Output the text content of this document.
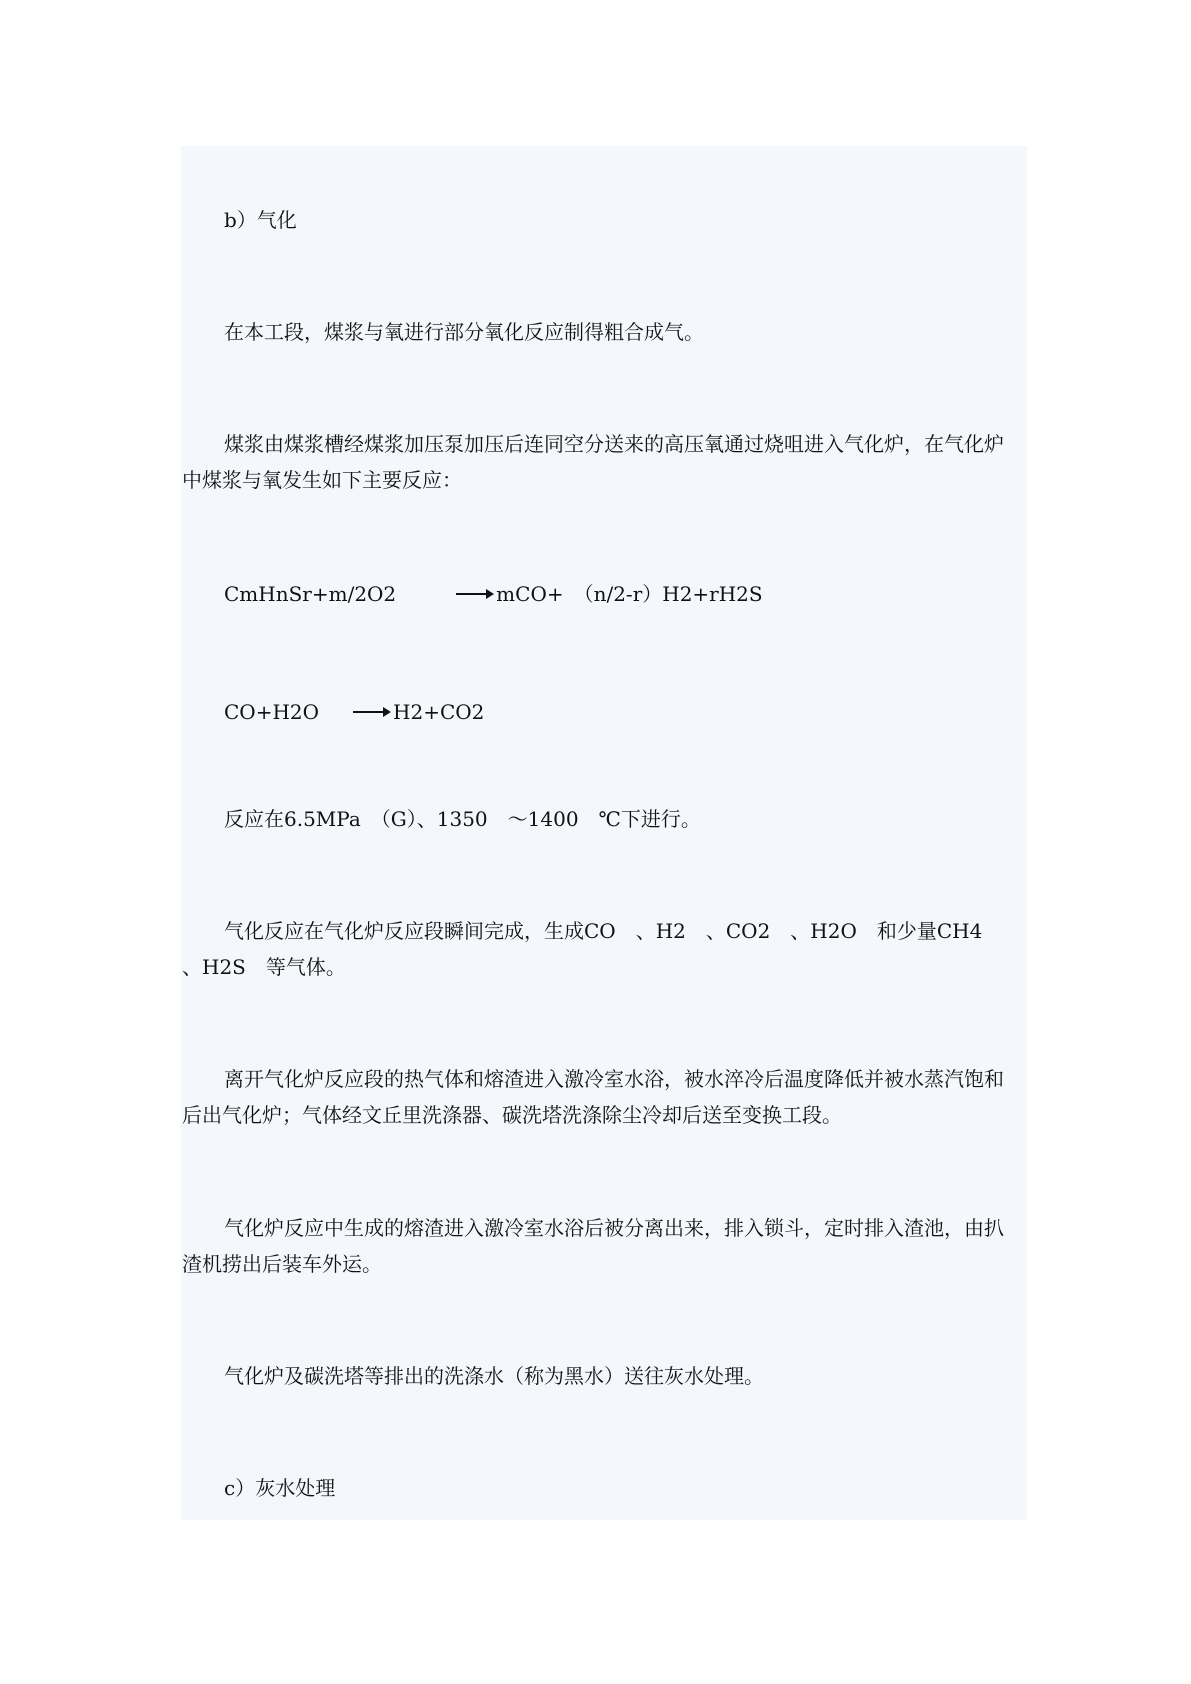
b）气化
在本工段，煤浆与氧进行部分氧化反应制得粗合成气。
煤浆由煤浆槽经煤浆加压泵加压后连同空分送来的高压氧通过烧咀进入气化炉，在气化炉中煤浆与氧发生如下主要反应：
CmHnSr+m/2O2	mCO+　（n/2-r）H2+rH2S
CO+H2O	H2+CO2
反应在6.5MPa　（G）、1350　～1400　℃下进行。
气化反应在气化炉反应段瞬间完成，生成CO　、H2　、CO2　、H2O　和少量CH4　、H2S　等气体。
离开气化炉反应段的热气体和熔渣进入激冷室水浴，被水淬冷后温度降低并被水蒸汽饱和后出气化炉；气体经文丘里洗涤器、碳洗塔洗涤除尘冷却后送至变换工段。
气化炉反应中生成的熔渣进入激冷室水浴后被分离出来，排入锁斗，定时排入渣池，由扒渣机捞出后装车外运。
气化炉及碳洗塔等排出的洗涤水（称为黑水）送往灰水处理。
c）灰水处理
